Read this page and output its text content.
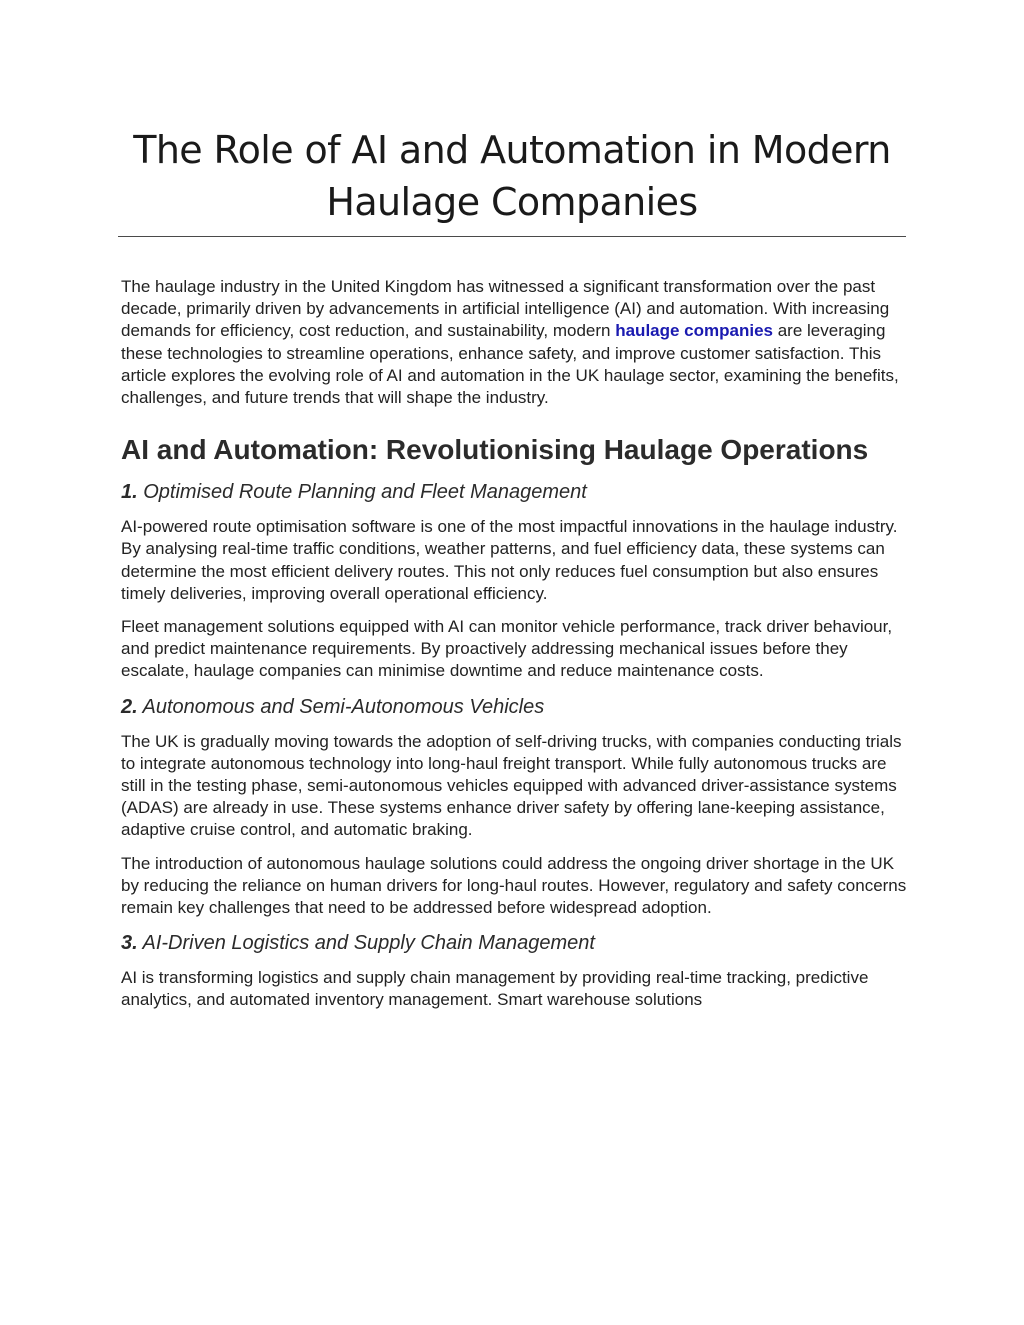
The Role of AI and Automation in Modern
Haulage Companies

The haulage industry in the United Kingdom has witnessed a significant transformation over the past decade, primarily driven by advancements in artificial intelligence (AI) and automation. With increasing demands for efficiency, cost reduction, and sustainability, modern haulage companies are leveraging these technologies to streamline operations, enhance safety, and improve customer satisfaction. This article explores the evolving role of AI and automation in the UK haulage sector, examining the benefits, challenges, and future trends that will shape the industry.

AI and Automation: Revolutionising Haulage Operations
1. Optimised Route Planning and Fleet Management

AI-powered route optimisation software is one of the most impactful innovations in the haulage industry. By analysing real-time traffic conditions, weather patterns, and fuel efficiency data, these systems can determine the most efficient delivery routes. This not only reduces fuel consumption but also ensures timely deliveries, improving overall operational efficiency.

Fleet management solutions equipped with AI can monitor vehicle performance, track driver behaviour, and predict maintenance requirements. By proactively addressing mechanical issues before they escalate, haulage companies can minimise downtime and reduce maintenance costs.

2. Autonomous and Semi-Autonomous Vehicles

The UK is gradually moving towards the adoption of self-driving trucks, with companies conducting trials to integrate autonomous technology into long-haul freight transport. While fully autonomous trucks are still in the testing phase, semi-autonomous vehicles equipped with advanced driver-assistance systems (ADAS) are already in use. These systems enhance driver safety by offering lane-keeping assistance, adaptive cruise control, and automatic braking.

The introduction of autonomous haulage solutions could address the ongoing driver shortage in the UK by reducing the reliance on human drivers for long-haul routes. However, regulatory and safety concerns remain key challenges that need to be addressed before widespread adoption.

3. AI-Driven Logistics and Supply Chain Management

AI is transforming logistics and supply chain management by providing real-time tracking, predictive analytics, and automated inventory management. Smart warehouse solutions
